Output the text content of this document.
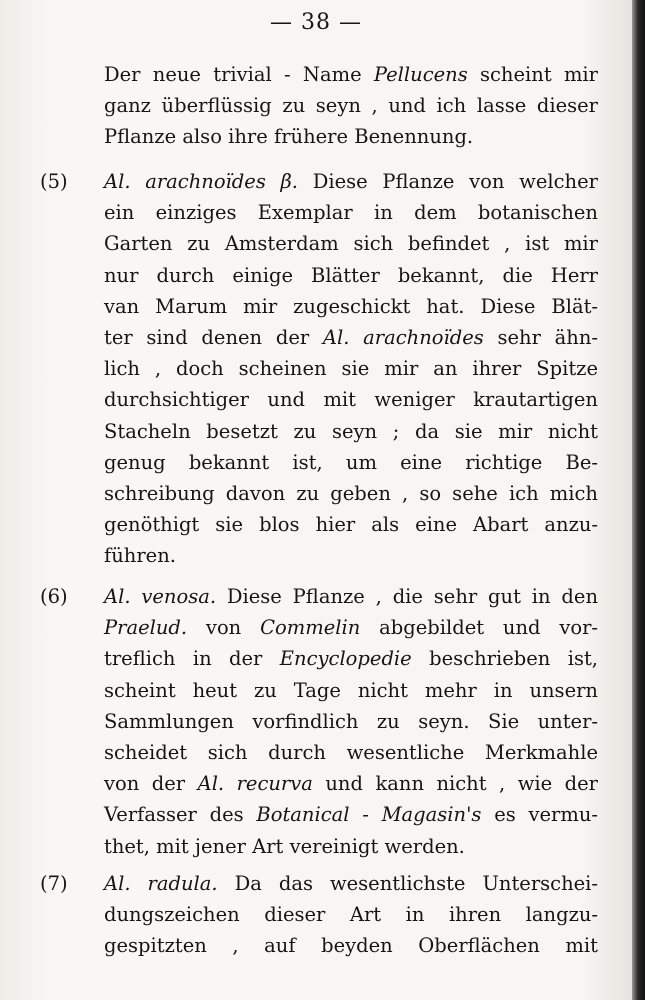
— 38 —
Der neue trivial - Name Pellucens scheint mir
ganz überflüssig zu seyn , und ich lasse dieser
Pflanze also ihre frühere Benennung.
(5) Al. arachnoïdes β. Diese Pflanze von welcher
ein einziges Exemplar in dem botanischen
Garten zu Amsterdam sich befindet , ist mir
nur durch einige Blätter bekannt, die Herr
van Marum mir zugeschickt hat. Diese Blät-
ter sind denen der Al. arachnoïdes sehr ähn-
lich , doch scheinen sie mir an ihrer Spitze
durchsichtiger und mit weniger krautartigen
Stacheln besetzt zu seyn ; da sie mir nicht
genug bekannt ist, um eine richtige Be-
schreibung davon zu geben , so sehe ich mich
genöthigt sie blos hier als eine Abart anzu-
führen.
(6) Al. venosa. Diese Pflanze , die sehr gut in den
Praelud. von Commelin abgebildet und vor-
treflich in der Encyclopedie beschrieben ist,
scheint heut zu Tage nicht mehr in unsern
Sammlungen vorfindlich zu seyn. Sie unter-
scheidet sich durch wesentliche Merkmahle
von der Al. recurva und kann nicht , wie der
Verfasser des Botanical - Magasin's es vermu-
thet, mit jener Art vereinigt werden.
(7) Al. radula. Da das wesentlichste Unterschei-
dungszeichen dieser Art in ihren langzu-
gespitzten , auf beyden Oberflächen mit
